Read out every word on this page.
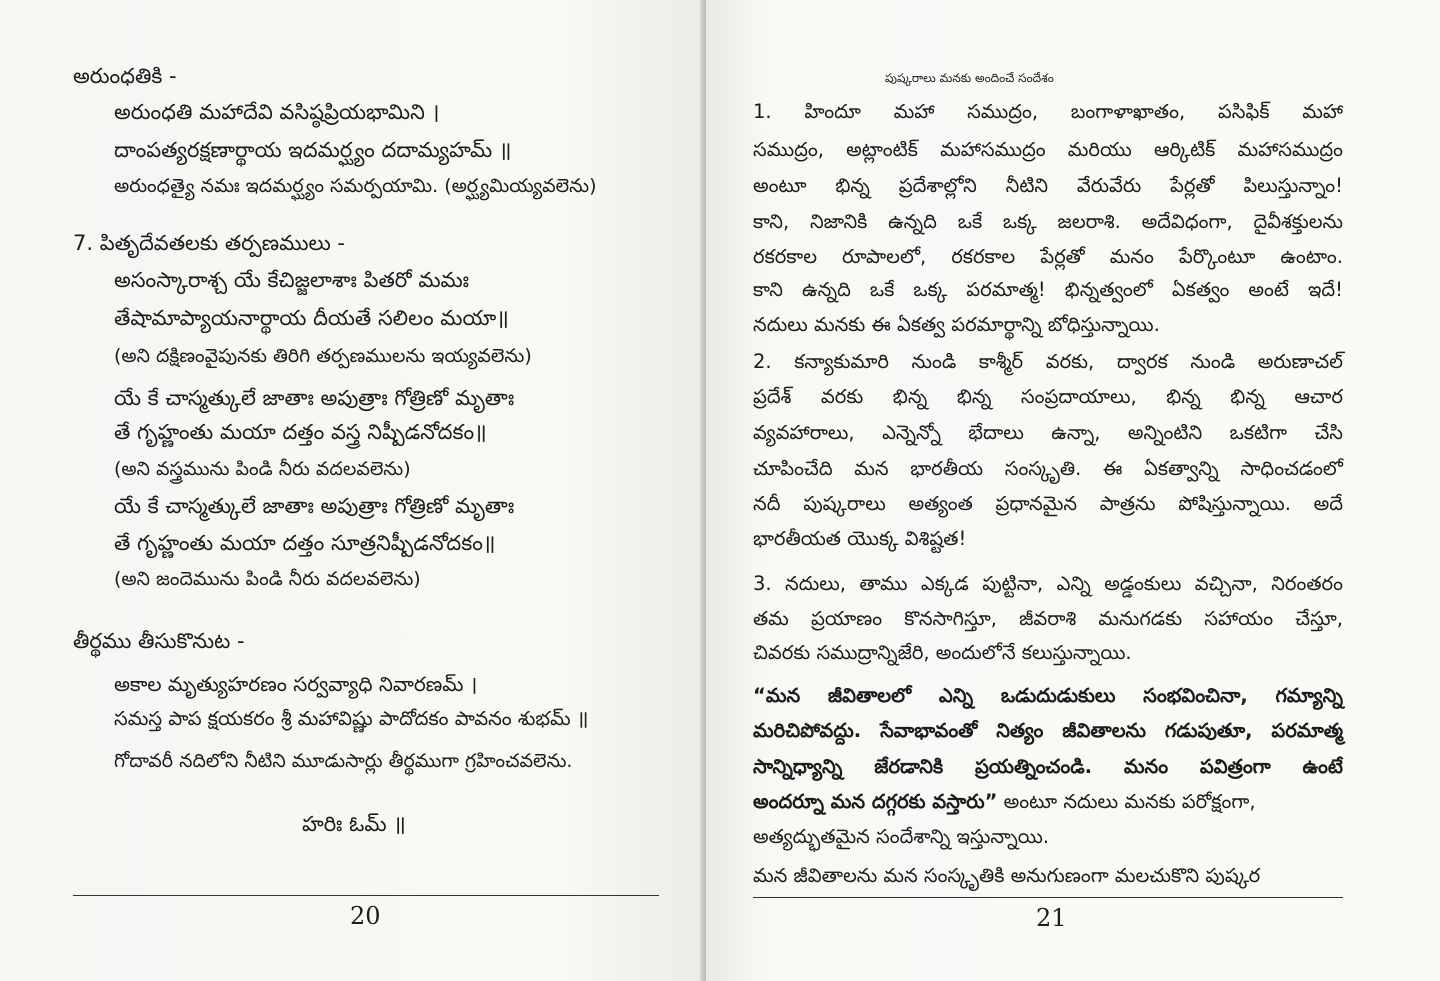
అరుంధతికి -
అరుంధతి మహాదేవి వసిష్ఠప్రియభామిని ।
దాంపత్యరక్షణార్థాయ ఇదమర్ఘ్యం దదామ్యహమ్ ॥
అరుంధత్యై నమః ఇదమర్ఘ్యం సమర్పయామి. (అర్ఘ్యమియ్యవలెను)
7. పితృదేవతలకు తర్పణములు -
అసంస్కారాశ్చ యే కేచిజ్జలాశాః పితరో మమః
తేషామాప్యాయనార్థాయ దీయతే సలిలం మయా॥
(అని దక్షిణంవైపునకు తిరిగి తర్పణములను ఇయ్యవలెను)
యే కే చాస్మత్కులే జాతాః అపుత్రాః గోత్రిణో మృతాః
తే గృహ్ణంతు మయా దత్తం వస్త్ర నిష్పీడనోదకం॥
(అని వస్త్రమును పిండి నీరు వదలవలెను)
యే కే చాస్మత్కులే జాతాః అపుత్రాః గోత్రిణో మృతాః
తే గృహ్ణంతు మయా దత్తం సూత్రనిష్పీడనోదకం॥
(అని జందెమును పిండి నీరు వదలవలెను)
తీర్థము తీసుకొనుట -
అకాల మృత్యుహరణం సర్వవ్యాధి నివారణమ్ ।
సమస్త పాప క్షయకరం శ్రీ మహావిష్ణు పాదోదకం పావనం శుభమ్ ॥
గోదావరీ నదిలోని నీటిని మూడుసార్లు తీర్థముగా గ్రహించవలెను.
హరిః ఓమ్ ॥
20	21
పుష్కరాలు మనకు అందించే సందేశం
1. హిందూ మహా సముద్రం, బంగాళాఖాతం, పసిఫిక్ మహా
సముద్రం, అట్లాంటిక్ మహాసముద్రం మరియు ఆర్కిటిక్ మహాసముద్రం
అంటూ భిన్న ప్రదేశాల్లోని నీటిని వేరువేరు పేర్లతో పిలుస్తున్నాం!
కాని, నిజానికి ఉన్నది ఒకే ఒక్క జలరాశి. అదేవిధంగా, దైవీశక్తులను
రకరకాల రూపాలలో, రకరకాల పేర్లతో మనం పేర్కొంటూ ఉంటాం.
కాని ఉన్నది ఒకే ఒక్క పరమాత్మ! భిన్నత్వంలో ఏకత్వం అంటే ఇదే!
నదులు మనకు ఈ ఏకత్వ పరమార్థాన్ని బోధిస్తున్నాయి.
2. కన్యాకుమారి నుండి కాశ్మీర్ వరకు, ద్వారక నుండి అరుణాచల్
ప్రదేశ్ వరకు భిన్న భిన్న సంప్రదాయాలు, భిన్న భిన్న ఆచార
వ్యవహారాలు, ఎన్నెన్నో భేదాలు ఉన్నా, అన్నింటిని ఒకటిగా చేసి
చూపించేది మన భారతీయ సంస్కృతి. ఈ ఏకత్వాన్ని సాధించడంలో
నదీ పుష్కరాలు అత్యంత ప్రధానమైన పాత్రను పోషిస్తున్నాయి. అదే
భారతీయత యొక్క విశిష్టత!
3. నదులు, తాము ఎక్కడ పుట్టినా, ఎన్ని అడ్డంకులు వచ్చినా, నిరంతరం
తమ ప్రయాణం కొనసాగిస్తూ, జీవరాశి మనుగడకు సహాయం చేస్తూ,
చివరకు సముద్రాన్నిజేరి, అందులోనే కలుస్తున్నాయి.
“మన జీవితాలలో ఎన్ని ఒడుదుడుకులు సంభవించినా, గమ్యాన్ని
మరిచిపోవద్దు. సేవాభావంతో నిత్యం జీవితాలను గడుపుతూ, పరమాత్మ
సాన్నిధ్యాన్ని జేరడానికి ప్రయత్నించండి. మనం పవిత్రంగా ఉంటే
అందర్నూ మన దగ్గరకు వస్తారు” అంటూ నదులు మనకు పరోక్షంగా,
అత్యద్భుతమైన సందేశాన్ని ఇస్తున్నాయి.
మన జీవితాలను మన సంస్కృతికి అనుగుణంగా మలచుకొని పుష్కర
